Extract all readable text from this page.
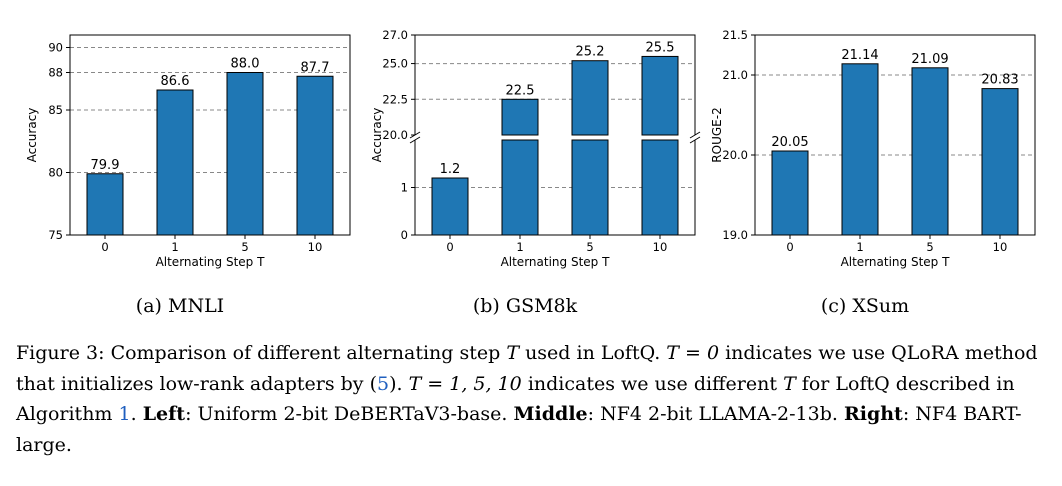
79.9
86.6
88.0	87.7
75
80
85
88
90
0	1	5	10
Alternating Step T
Accuracy
1.2
22.5
25.2	25.5
20.0
22.5
25.0
27.0
0
1
0	1	5	10
Alternating Step T
Accuracy	20.05
21.14	21.09
20.83
19.0
20.0
21.0
21.5
0	1	5	10
Alternating Step T
ROUGE-2
(a) MNLI	(b) GSM8k	(c) XSum
Figure 3: Comparison of different alternating step T used in LoftQ. T = 0 indicates we use QLoRA method that initializes low-rank adapters by (5). T = 1, 5, 10 indicates we use different T for LoftQ described in Algorithm 1. Left: Uniform 2-bit DeBERTaV3-base. Middle: NF4 2-bit LLAMA-2-13b. Right: NF4 BART-large.
